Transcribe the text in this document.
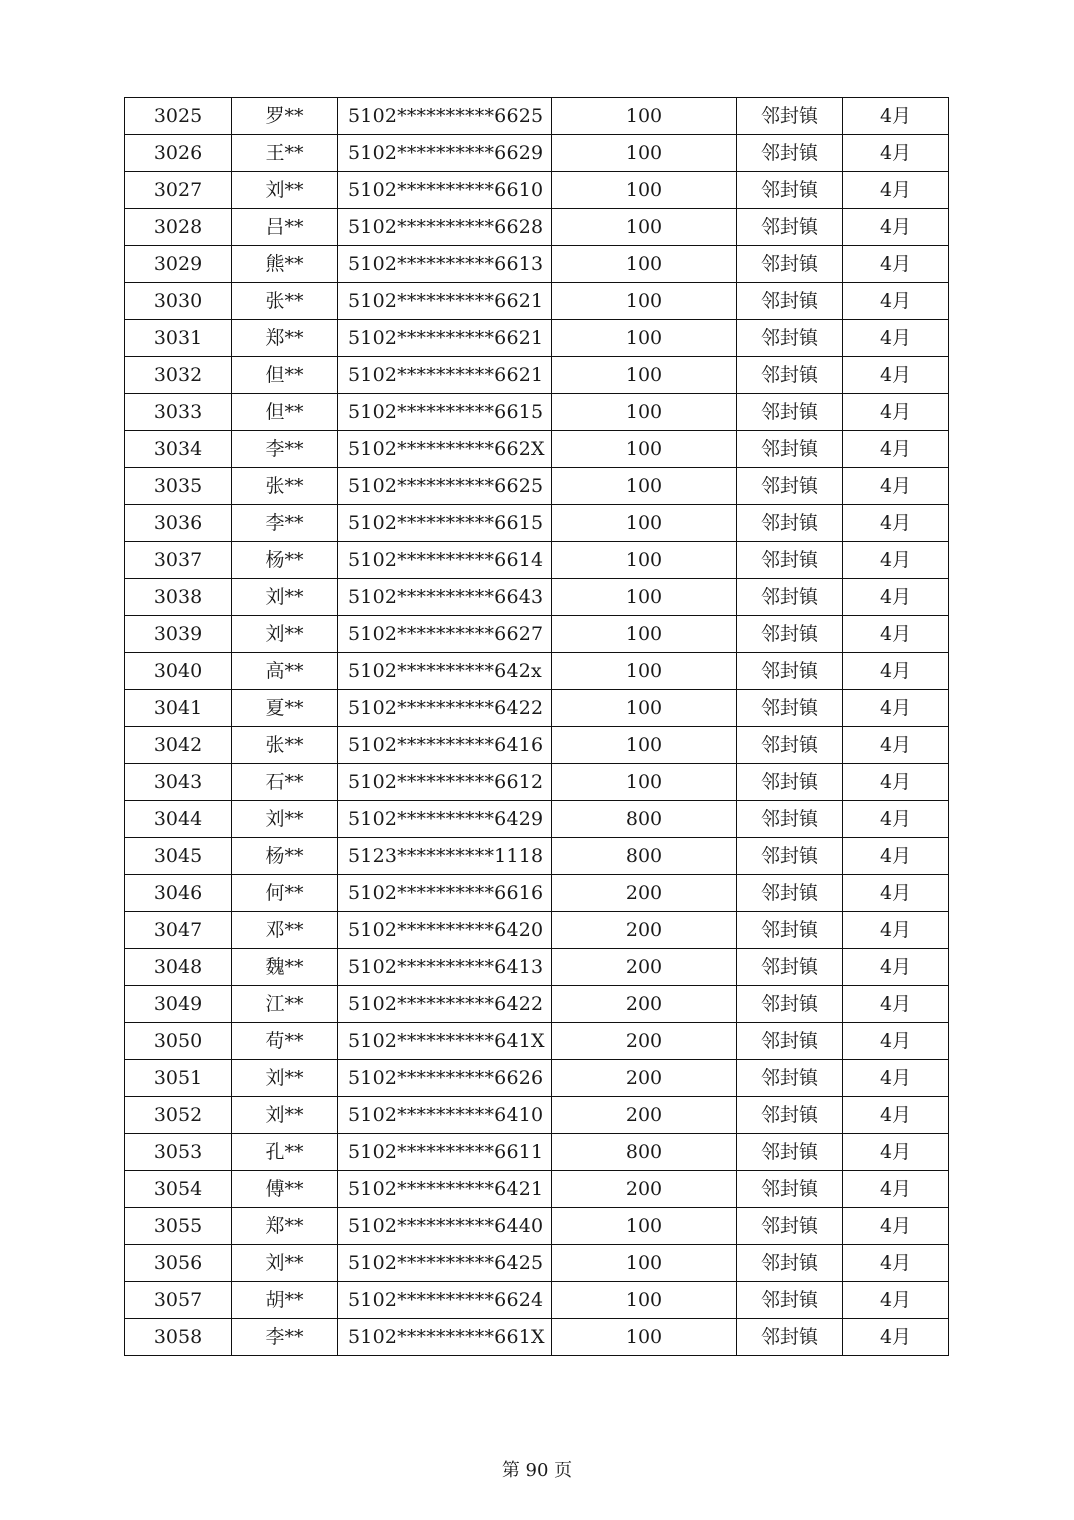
3025	罗**	5102**********6625	100	邻封镇	4月
3026	王**	5102**********6629	100	邻封镇	4月
3027	刘**	5102**********6610	100	邻封镇	4月
3028	吕**	5102**********6628	100	邻封镇	4月
3029	熊**	5102**********6613	100	邻封镇	4月
3030	张**	5102**********6621	100	邻封镇	4月
3031	郑**	5102**********6621	100	邻封镇	4月
3032	但**	5102**********6621	100	邻封镇	4月
3033	但**	5102**********6615	100	邻封镇	4月
3034	李**	5102**********662X	100	邻封镇	4月
3035	张**	5102**********6625	100	邻封镇	4月
3036	李**	5102**********6615	100	邻封镇	4月
3037	杨**	5102**********6614	100	邻封镇	4月
3038	刘**	5102**********6643	100	邻封镇	4月
3039	刘**	5102**********6627	100	邻封镇	4月
3040	高**	5102**********642x	100	邻封镇	4月
3041	夏**	5102**********6422	100	邻封镇	4月
3042	张**	5102**********6416	100	邻封镇	4月
3043	石**	5102**********6612	100	邻封镇	4月
3044	刘**	5102**********6429	800	邻封镇	4月
3045	杨**	5123**********1118	800	邻封镇	4月
3046	何**	5102**********6616	200	邻封镇	4月
3047	邓**	5102**********6420	200	邻封镇	4月
3048	魏**	5102**********6413	200	邻封镇	4月
3049	江**	5102**********6422	200	邻封镇	4月
3050	苟**	5102**********641X	200	邻封镇	4月
3051	刘**	5102**********6626	200	邻封镇	4月
3052	刘**	5102**********6410	200	邻封镇	4月
3053	孔**	5102**********6611	800	邻封镇	4月
3054	傅**	5102**********6421	200	邻封镇	4月
3055	郑**	5102**********6440	100	邻封镇	4月
3056	刘**	5102**********6425	100	邻封镇	4月
3057	胡**	5102**********6624	100	邻封镇	4月
3058	李**	5102**********661X	100	邻封镇	4月
第 90 页
